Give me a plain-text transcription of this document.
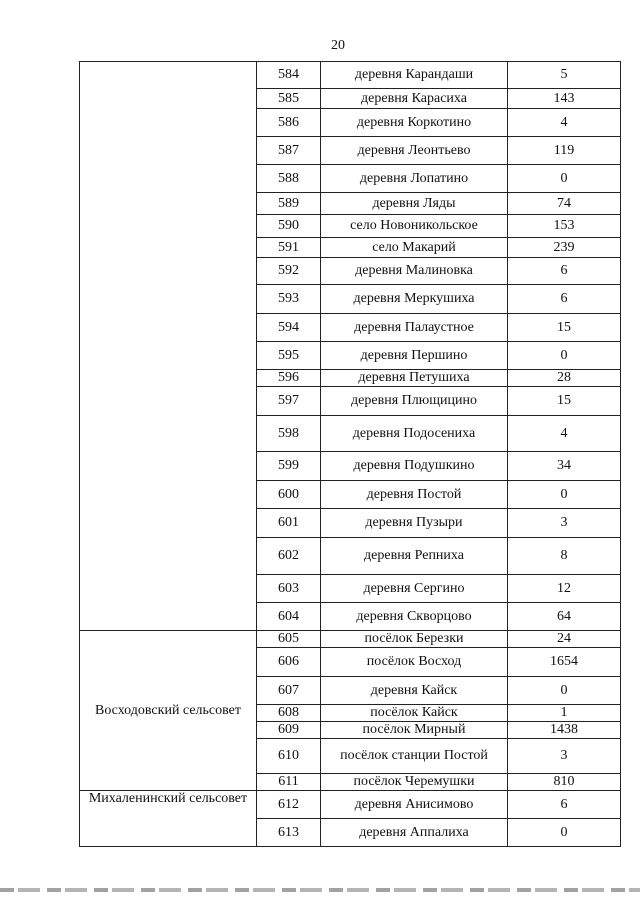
20
	584	деревня Карандаши	5
	585	деревня Карасиха	143
	586	деревня Коркотино	4
	587	деревня Леонтьево	119
	588	деревня Лопатино	0
	589	деревня Ляды	74
	590	село Новоникольское	153
	591	село Макарий	239
	592	деревня Малиновка	6
	593	деревня Меркушиха	6
	594	деревня Палаустное	15
	595	деревня Першино	0
	596	деревня Петушиха	28
	597	деревня Плющицино	15
	598	деревня Подосениха	4
	599	деревня Подушкино	34
	600	деревня Постой	0
	601	деревня Пузыри	3
	602	деревня Репниха	8
	603	деревня Сергино	12
	604	деревня Скворцово	64
Восходовский сельсовет	605	посёлок Березки	24
	606	посёлок Восход	1654
	607	деревня Кайск	0
	608	посёлок Кайск	1
	609	посёлок Мирный	1438
	610	посёлок станции Постой	3
	611	посёлок Черемушки	810
Михаленинский сельсовет	612	деревня Анисимово	6
	613	деревня Аппалиха	0
